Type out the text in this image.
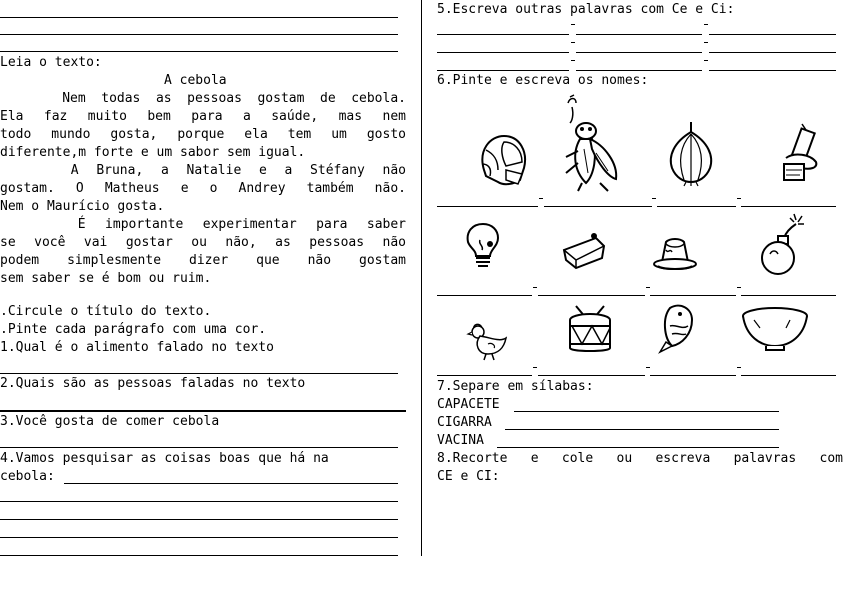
Leia o texto:
A cebola
Nem todas as pessoas gostam de cebola.
Ela faz muito bem para a saúde, mas nem
todo mundo gosta, porque ela tem um gosto
diferente,m forte e um sabor sem igual.
A Bruna, a Natalie e a Stéfany não
gostam. O Matheus e o Andrey também não.
Nem o Maurício gosta.
É importante experimentar para saber
se você vai gostar ou não, as pessoas não
podem simplesmente dizer que não gostam
sem saber se é bom ou ruim.
.Circule o título do texto.
.Pinte cada parágrafo com uma cor.
1.Qual é o alimento falado no texto
2.Quais são as pessoas faladas no texto
3.Você gosta de comer cebola
4.Vamos pesquisar as coisas boas que há na
cebola:
5.Escreva outras palavras com Ce e Ci:
6.Pinte e escreva os nomes:
7.Separe em sílabas:
CAPACETE
CIGARRA
VACINA
8.Recorte e cole ou escreva palavras com
CE e CI:
